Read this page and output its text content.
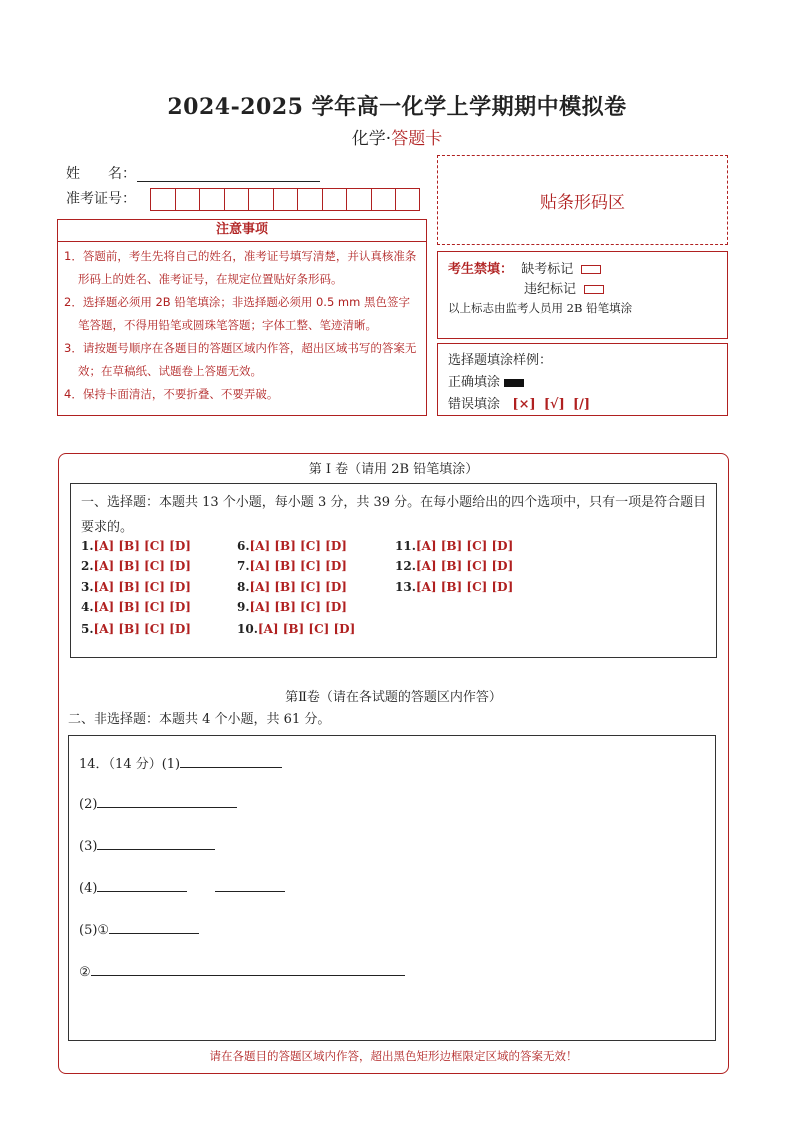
2024-2025 学年高一化学上学期期中模拟卷
化学·答题卡
姓　　名：
准考证号：	贴条形码区
注意事项

1．答题前，考生先将自己的姓名，准考证号填写清楚，并认真核准条形码上的姓名、准考证号，在规定位置贴好条形码。

2．选择题必须用 2B 铅笔填涂；非选择题必须用 0.5 mm 黑色签字笔答题，不得用铅笔或圆珠笔答题；字体工整、笔迹清晰。

3．请按题号顺序在各题目的答题区域内作答，超出区域书写的答案无效；在草稿纸、试题卷上答题无效。

4．保持卡面清洁，不要折叠、不要弄破。

考生禁填： 缺考标记
违纪标记
以上标志由监考人员用 2B 铅笔填涂
选择题填涂样例：
正确填涂
错误填涂 [×] [√] [/]
第 I 卷（请用 2B 铅笔填涂）
一、选择题：本题共 13 个小题，每小题 3 分，共 39 分。在每小题给出的四个选项中，只有一项是符合题目要求的。
1.[A] [B] [C] [D]
2.[A] [B] [C] [D]
3.[A] [B] [C] [D]
4.[A] [B] [C] [D]
5.[A] [B] [C] [D]
6.[A] [B] [C] [D]
7.[A] [B] [C] [D]
8.[A] [B] [C] [D]
9.[A] [B] [C] [D]
10.[A] [B] [C] [D]
11.[A] [B] [C] [D]
12.[A] [B] [C] [D]
13.[A] [B] [C] [D]
第Ⅱ卷（请在各试题的答题区内作答）
二、非选择题：本题共 4 个小题，共 61 分。
14．（14 分）(1)
(2)
(3)
(4)
(5)①
②
请在各题目的答题区域内作答，超出黑色矩形边框限定区域的答案无效！
